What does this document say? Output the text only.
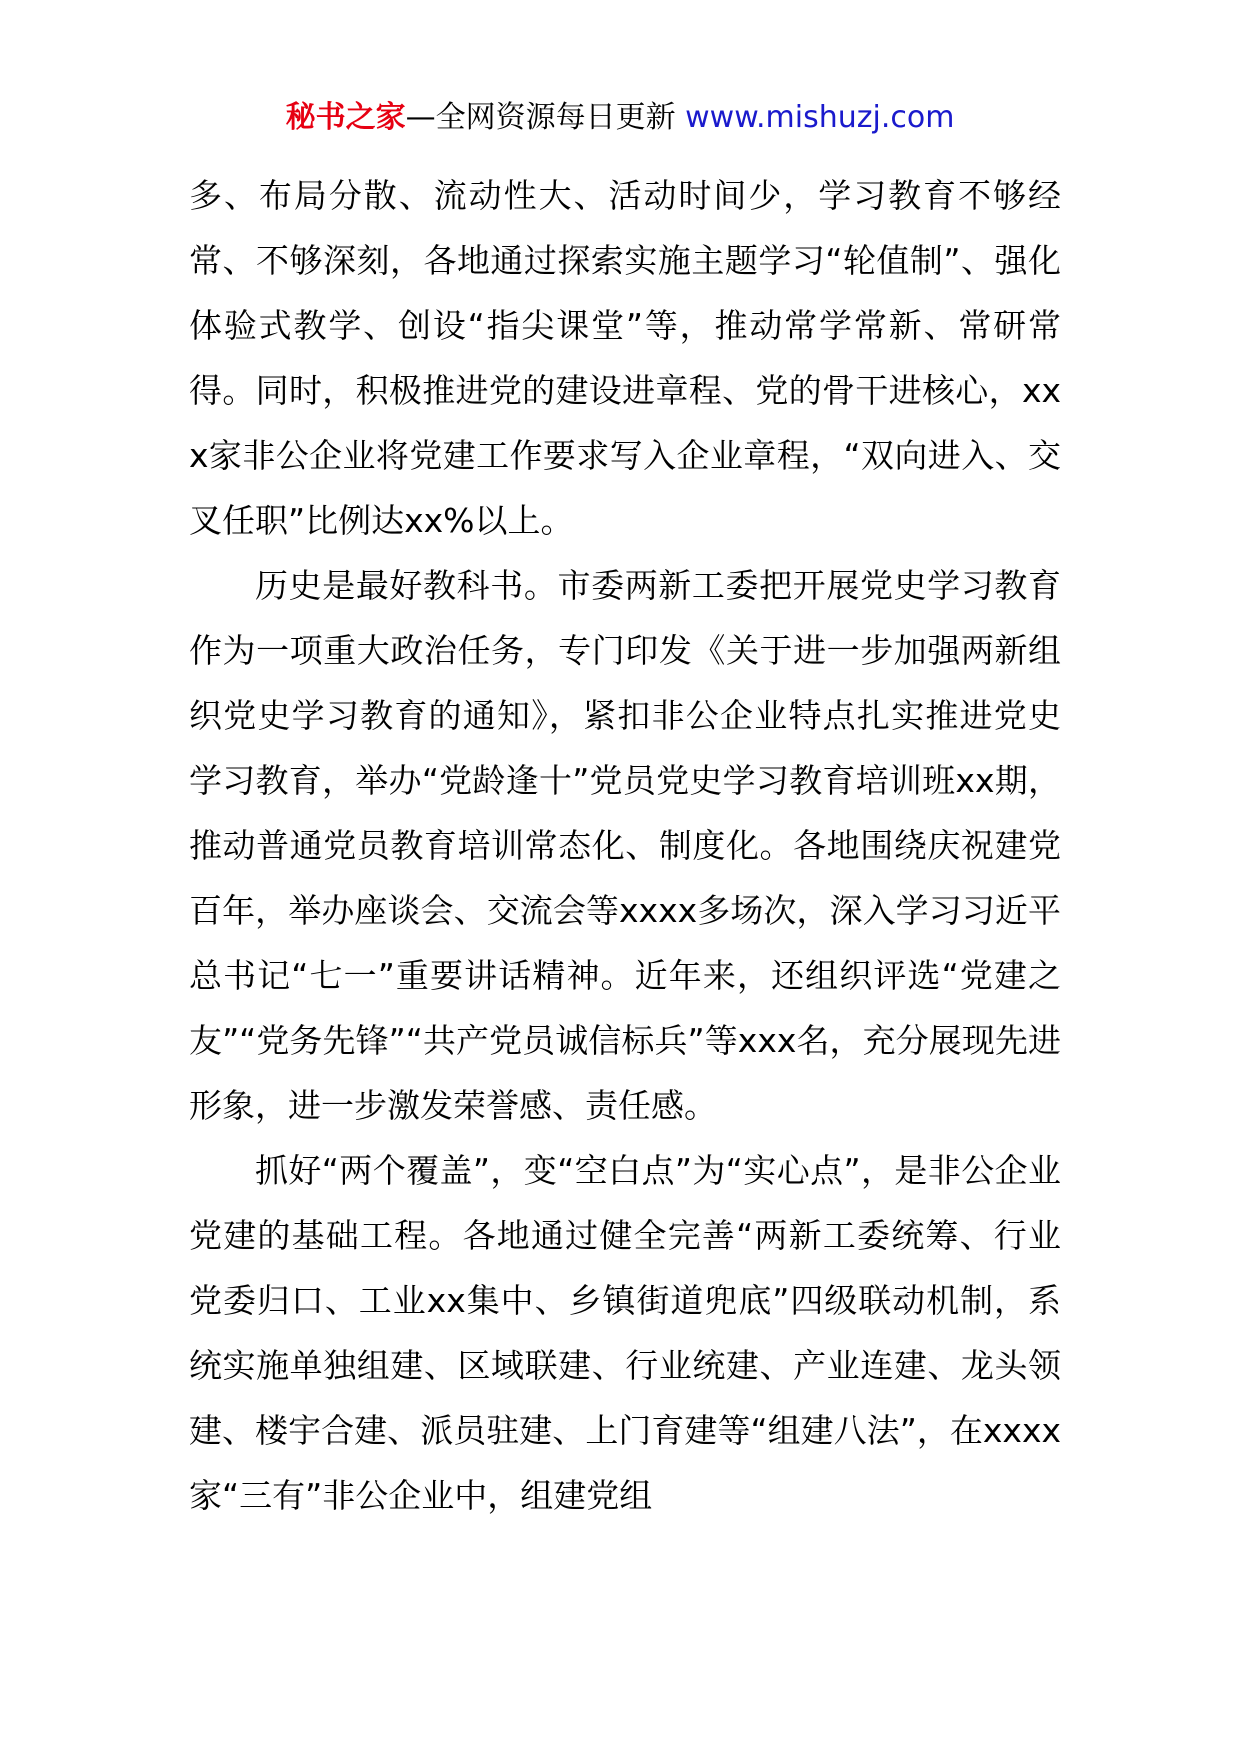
秘书之家—全网资源每日更新 www.mishuzj.com

多、布局分散、流动性大、活动时间少，学习教育不够经常、不够深刻，各地通过探索实施主题学习“轮值制”、强化体验式教学、创设“指尖课堂”等，推动常学常新、常研常得。同时，积极推进党的建设进章程、党的骨干进核心，xxx家非公企业将党建工作要求写入企业章程，“双向进入、交叉任职”比例达xx%以上。

历史是最好教科书。市委两新工委把开展党史学习教育作为一项重大政治任务，专门印发《关于进一步加强两新组织党史学习教育的通知》，紧扣非公企业特点扎实推进党史学习教育，举办“党龄逢十”党员党史学习教育培训班xx期，推动普通党员教育培训常态化、制度化。各地围绕庆祝建党百年，举办座谈会、交流会等xxxx多场次，深入学习习近平总书记“七一”重要讲话精神。近年来，还组织评选“党建之友”“党务先锋”“共产党员诚信标兵”等xxx名，充分展现先进形象，进一步激发荣誉感、责任感。

抓好“两个覆盖”，变“空白点”为“实心点”，是非公企业党建的基础工程。各地通过健全完善“两新工委统筹、行业党委归口、工业xx集中、乡镇街道兜底”四级联动机制，系统实施单独组建、区域联建、行业统建、产业连建、龙头领建、楼宇合建、派员驻建、上门育建等“组建八法”，在xxxx家“三有”非公企业中，组建党组
